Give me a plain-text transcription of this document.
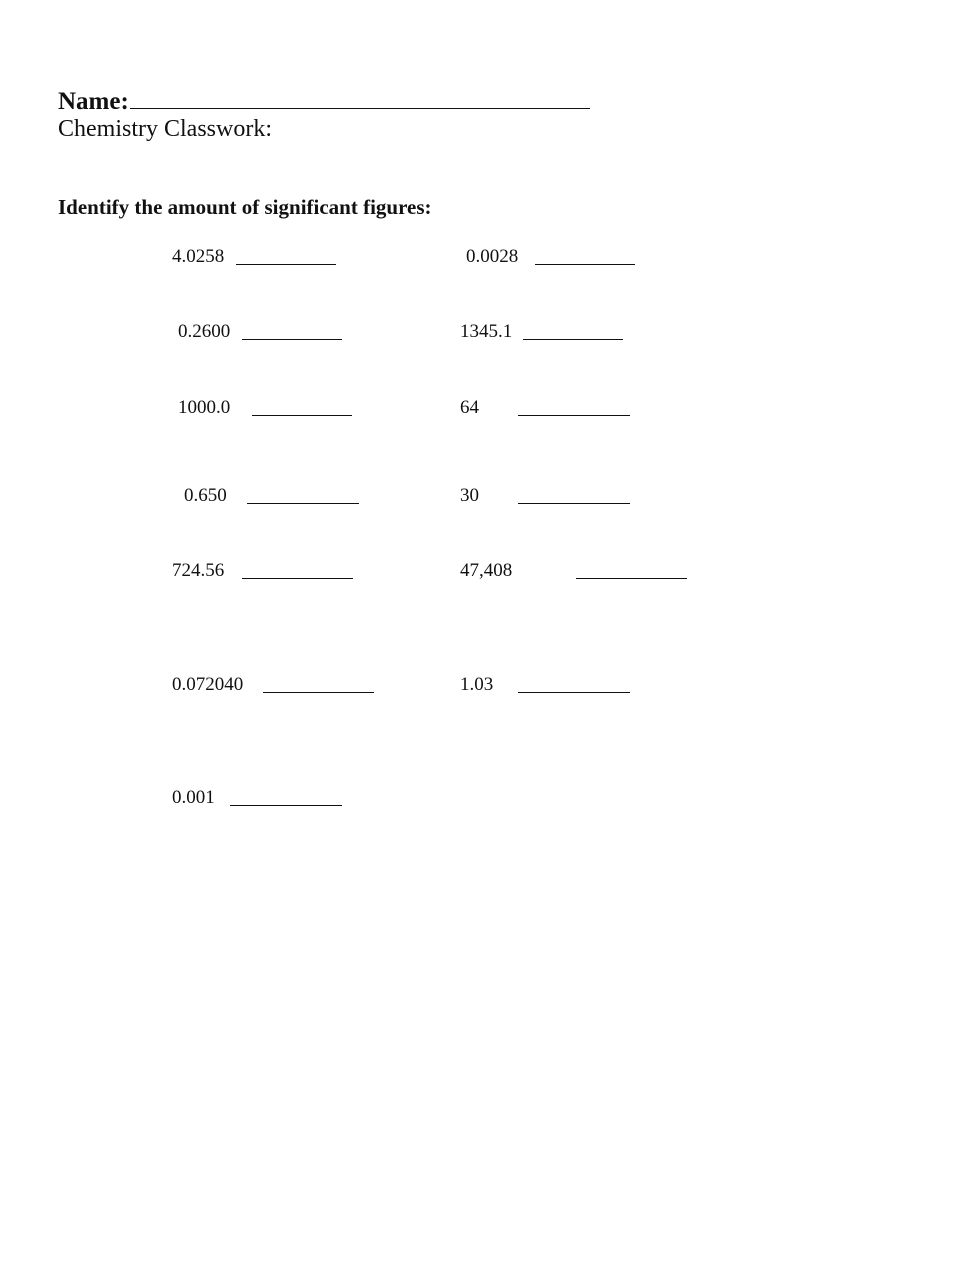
Name:
Chemistry Classwork:
Identify the amount of significant figures:
4.0258	0.0028
0.2600	1345.1
1000.0	64
0.650	30
724.56	47,408
0.072040	1.03
0.001
